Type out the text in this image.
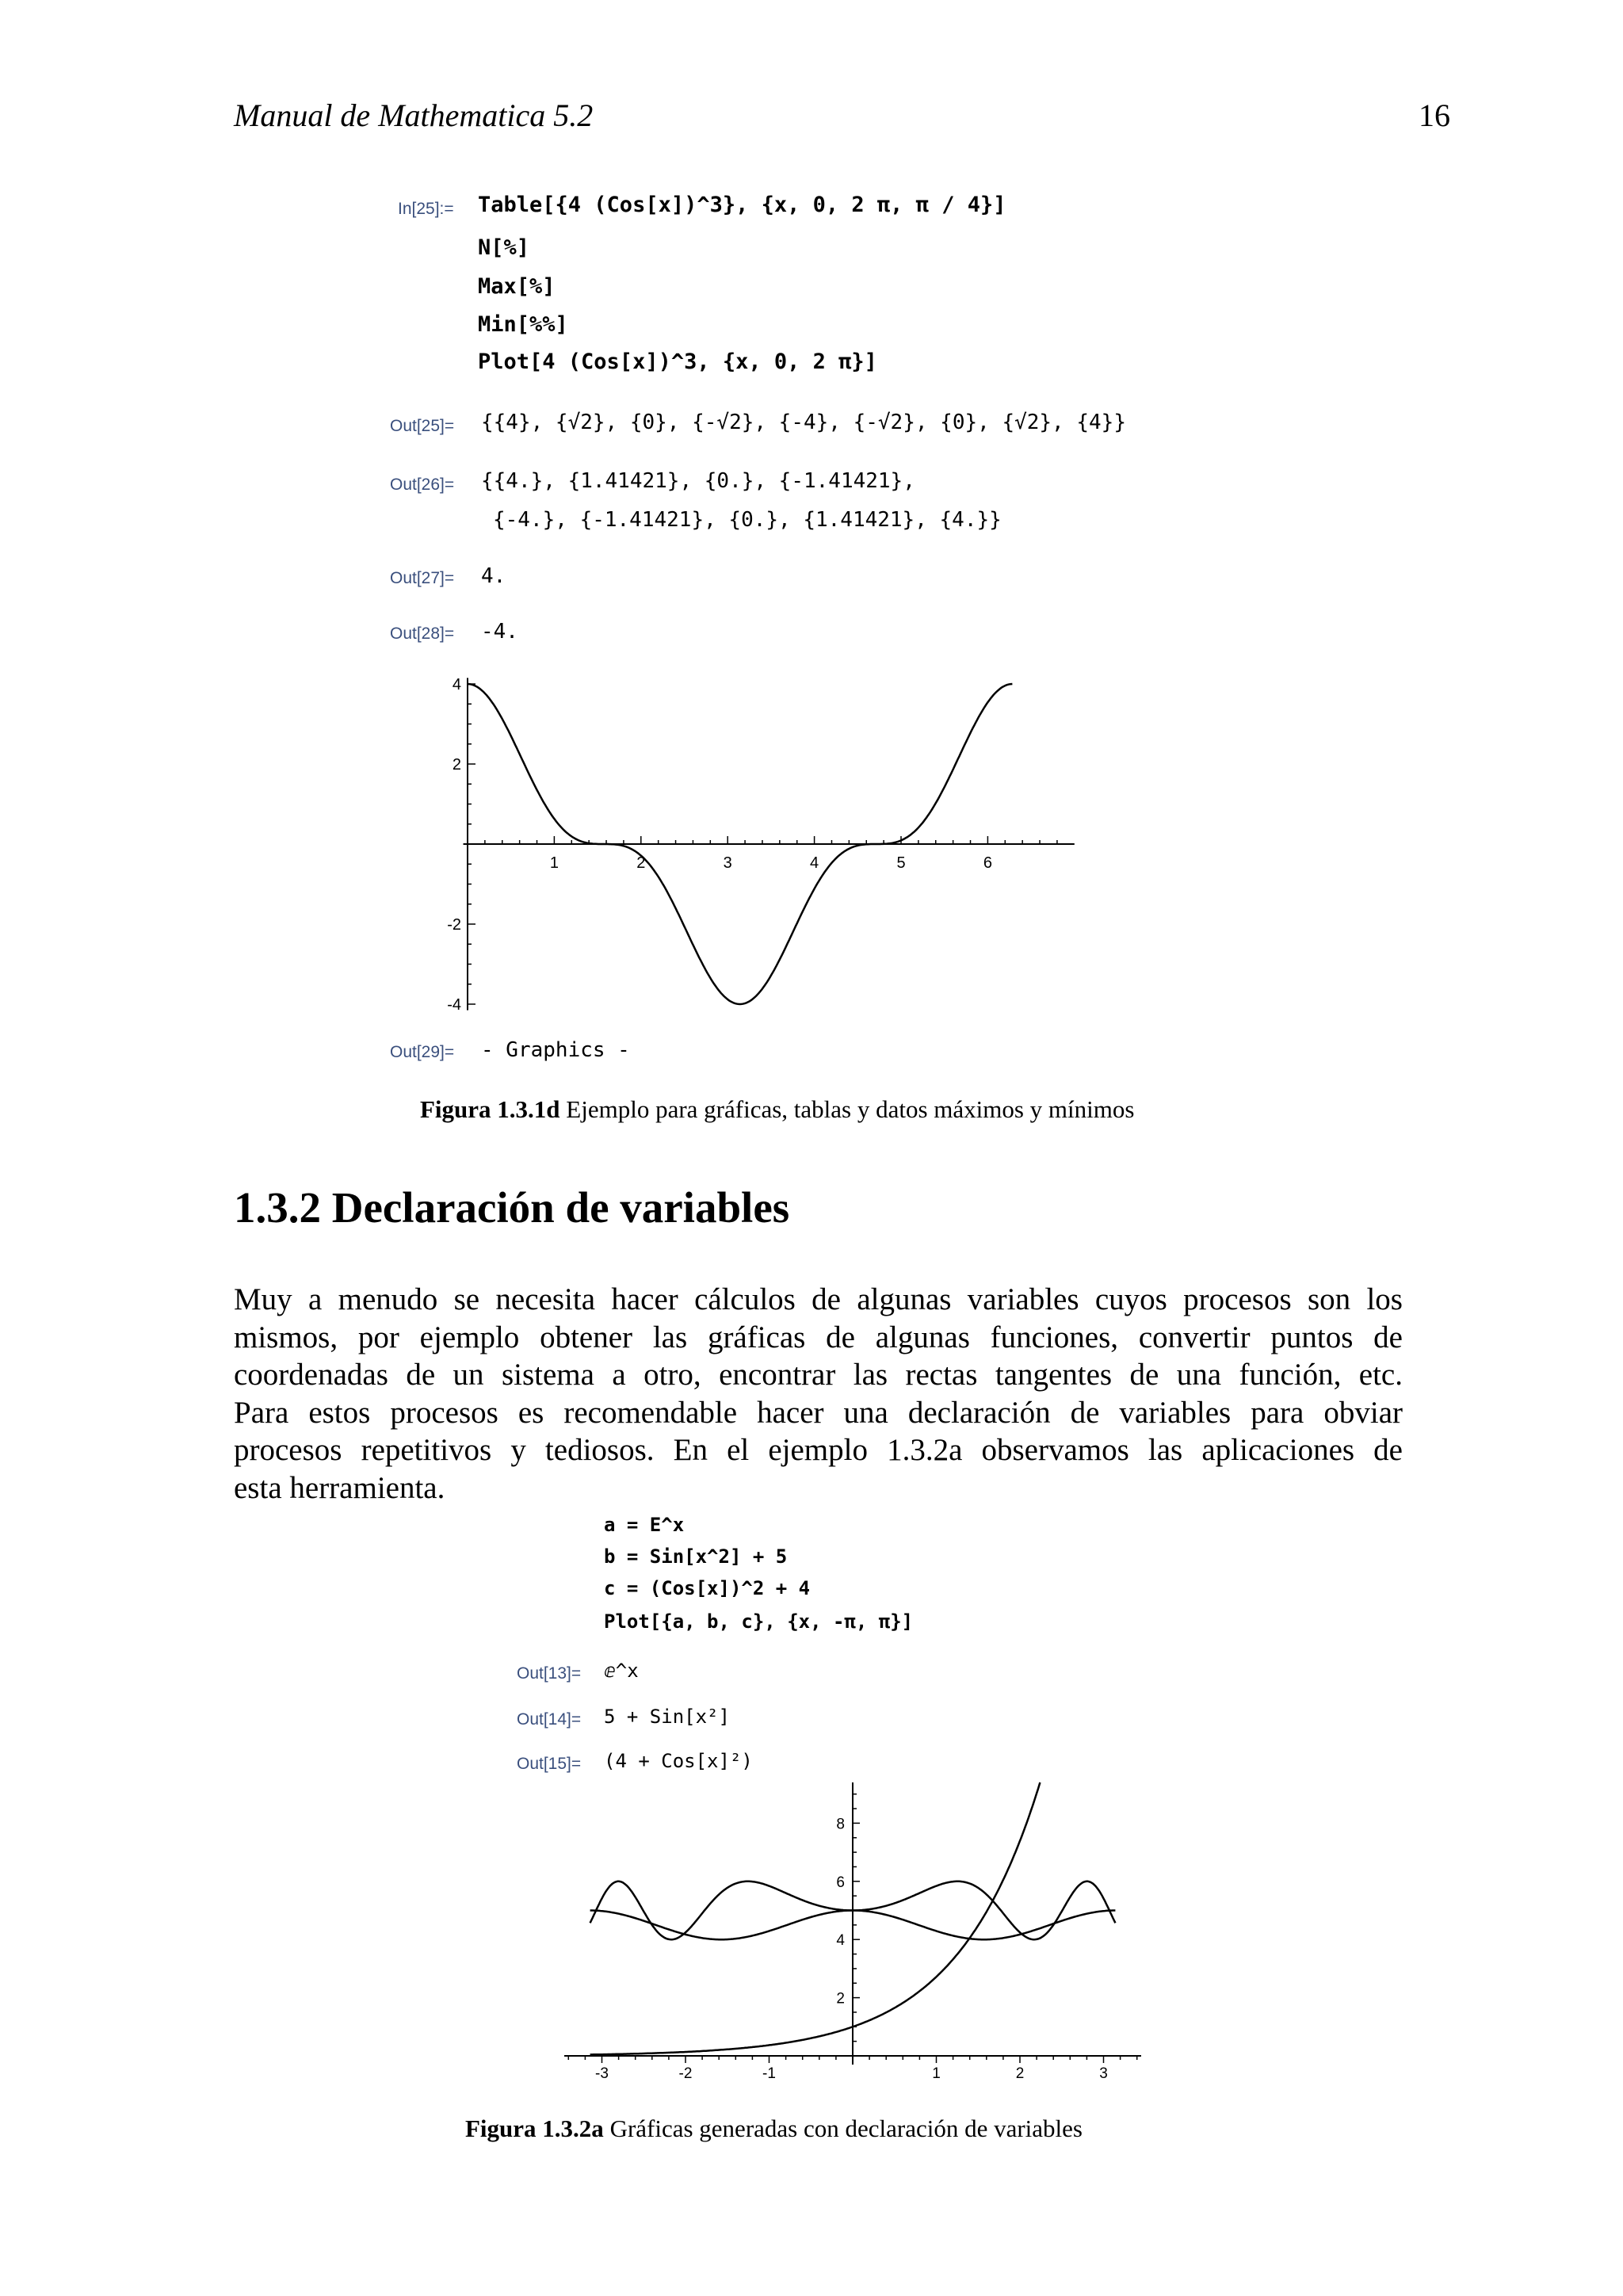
Manual de Mathematica 5.2	16
In[25]:= Table[{4 (Cos[x])^3}, {x, 0, 2 π, π / 4}]
N[%]
Max[%]
Min[%%]
Plot[4 (Cos[x])^3, {x, 0, 2 π}]
Out[25]= {{4}, {√2}, {0}, {-√2}, {-4}, {-√2}, {0}, {√2}, {4}}
Out[26]= {{4.}, {1.41421}, {0.}, {-1.41421},
{-4.}, {-1.41421}, {0.}, {1.41421}, {4.}}
Out[27]= 4.
Out[28]= -4.
1	2	3	4	5	6
4
2
-2
-4
Out[29]= - Graphics -
Figura 1.3.1d Ejemplo para gráficas, tablas y datos máximos y mínimos
1.3.2 Declaración de variables
Muy a menudo se necesita hacer cálculos de algunas variables cuyos procesos son los
mismos, por ejemplo obtener las gráficas de algunas funciones, convertir puntos de
coordenadas de un sistema a otro, encontrar las rectas tangentes de una función, etc.
Para estos procesos es recomendable hacer una declaración de variables para obviar
procesos repetitivos y tediosos. En el ejemplo 1.3.2a observamos las aplicaciones de
esta herramienta.
a = E^x
b = Sin[x^2] + 5
c = (Cos[x])^2 + 4
Plot[{a, b, c}, {x, -π, π}]
Out[13]= ⅇ^x
Out[14]= 5 + Sin[x²]
Out[15]= (4 + Cos[x]²)
-3	-2	-1	1	2	3
8
6
4
2
Figura 1.3.2a Gráficas generadas con declaración de variables
